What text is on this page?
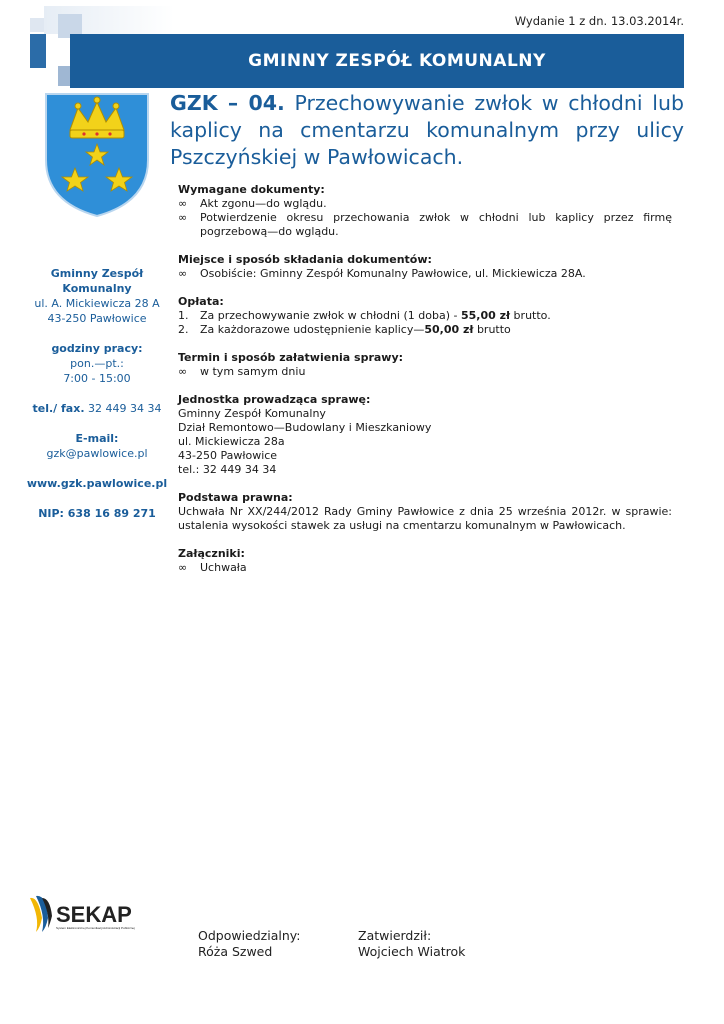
Wydanie 1 z dn. 13.03.2014r.
GMINNY ZESPÓŁ KOMUNALNY
GZK – 04. Przechowywanie zwłok w chłodni lub kaplicy na cmentarzu komunalnym przy ulicy Pszczyńskiej w Pawłowicach.
Gminny Zespół
Komunalny
ul. A. Mickiewicza 28 A
43-250 Pawłowice
godziny pracy:
pon.—pt.:
7:00 - 15:00
tel./ fax. 32 449 34 34
E-mail:
gzk@pawlowice.pl
www.gzk.pawlowice.pl
NIP: 638 16 89 271
Wymagane dokumenty:
∞	Akt zgonu—do wglądu.
∞	Potwierdzenie okresu przechowania zwłok w chłodni lub kaplicy przez firmę pogrzebową—do wglądu.
Miejsce i sposób składania dokumentów:
∞	Osobiście: Gminny Zespół Komunalny Pawłowice, ul. Mickiewicza 28A.
Opłata:
1.	Za przechowywanie zwłok w chłodni (1 doba) - 55,00 zł brutto.
2.	Za każdorazowe udostępnienie kaplicy—50,00 zł brutto
Termin i sposób załatwienia sprawy:
∞	w tym samym dniu
Jednostka prowadząca sprawę:
Gminny Zespół Komunalny
Dział Remontowo—Budowlany i Mieszkaniowy
ul. Mickiewicza 28a
43-250 Pawłowice
tel.: 32 449 34 34
Podstawa prawna:
Uchwała Nr XX/244/2012 Rady Gminy Pawłowice z dnia 25 września 2012r. w sprawie: ustalenia wysokości stawek za usługi na cmentarzu komunalnym w Pawłowicach.
Załączniki:
∞	Uchwała
SEKAP
System Elektronicznej Komunikacji Administracji Publicznej	Odpowiedzialny:
Róża Szwed
Zatwierdził:
Wojciech Wiatrok
